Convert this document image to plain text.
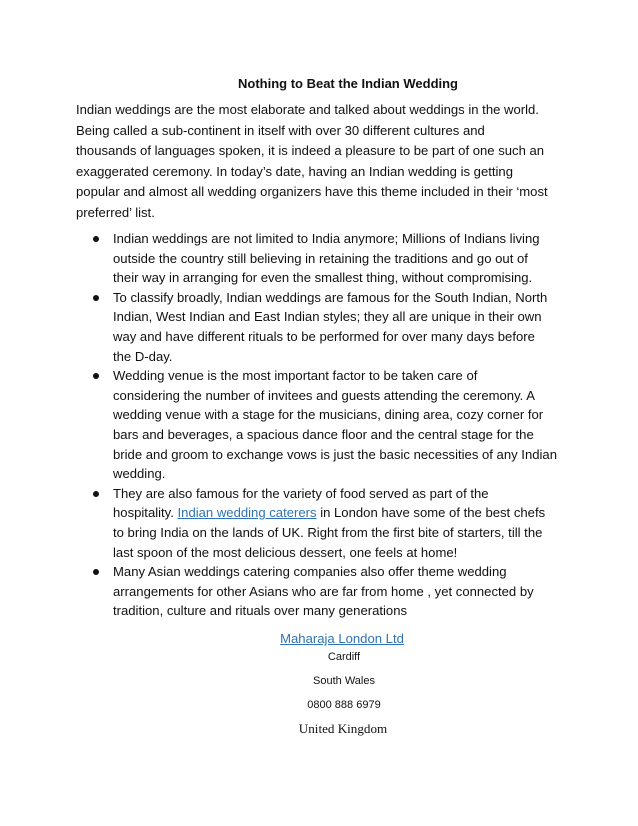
Nothing to Beat the Indian Wedding
Indian weddings are the most elaborate and talked about weddings in the world.
Being called a sub-continent in itself with over 30 different cultures and
thousands of languages spoken, it is indeed a pleasure to be part of one such an
exaggerated ceremony. In today’s date, having an Indian wedding is getting
popular and almost all wedding organizers have this theme included in their ‘most
preferred’ list.
Indian weddings are not limited to India anymore; Millions of Indians living
outside the country still believing in retaining the traditions and go out of
their way in arranging for even the smallest thing, without compromising.
To classify broadly, Indian weddings are famous for the South Indian, North
Indian, West Indian and East Indian styles; they all are unique in their own
way and have different rituals to be performed for over many days before
the D-day.
Wedding venue is the most important factor to be taken care of
considering the number of invitees and guests attending the ceremony. A
wedding venue with a stage for the musicians, dining area, cozy corner for
bars and beverages, a spacious dance floor and the central stage for the
bride and groom to exchange vows is just the basic necessities of any Indian
wedding.
They are also famous for the variety of food served as part of the
hospitality. Indian wedding caterers in London have some of the best chefs
to bring India on the lands of UK. Right from the first bite of starters, till the
last spoon of the most delicious dessert, one feels at home!
Many Asian weddings catering companies also offer theme wedding
arrangements for other Asians who are far from home , yet connected by
tradition, culture and rituals over many generations
Maharaja London Ltd
Cardiff
South Wales
0800 888 6979
United Kingdom
